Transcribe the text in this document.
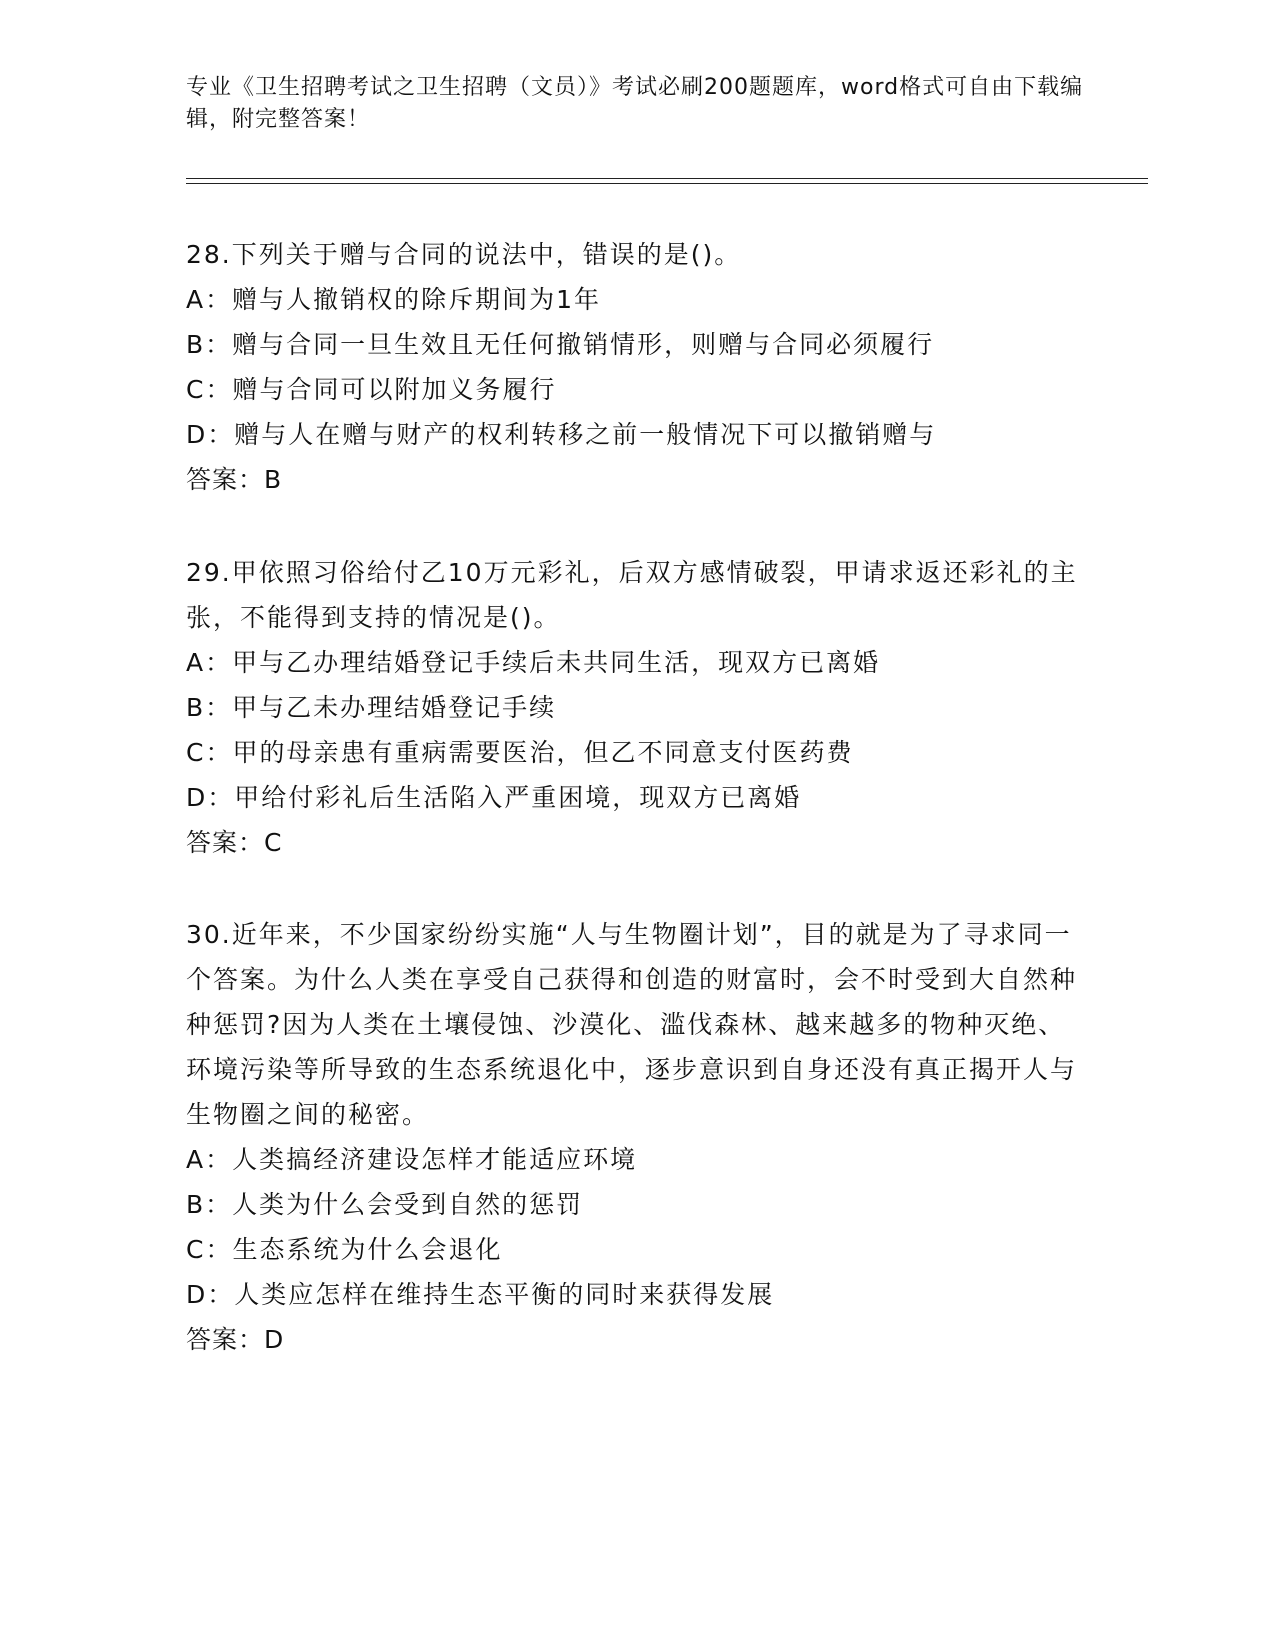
专业《卫生招聘考试之卫生招聘（文员）》考试必刷200题题库，word格式可自由下载编辑，附完整答案！
28.下列关于赠与合同的说法中，错误的是()。
A：赠与人撤销权的除斥期间为1年
B：赠与合同一旦生效且无任何撤销情形，则赠与合同必须履行
C：赠与合同可以附加义务履行
D：赠与人在赠与财产的权利转移之前一般情况下可以撤销赠与
答案：B
29.甲依照习俗给付乙10万元彩礼，后双方感情破裂，甲请求返还彩礼的主张，不能得到支持的情况是()。
A：甲与乙办理结婚登记手续后未共同生活，现双方已离婚
B：甲与乙未办理结婚登记手续
C：甲的母亲患有重病需要医治，但乙不同意支付医药费
D：甲给付彩礼后生活陷入严重困境，现双方已离婚
答案：C
30.近年来，不少国家纷纷实施“人与生物圈计划”，目的就是为了寻求同一个答案。为什么人类在享受自己获得和创造的财富时，会不时受到大自然种种惩罚?因为人类在土壤侵蚀、沙漠化、滥伐森林、越来越多的物种灭绝、环境污染等所导致的生态系统退化中，逐步意识到自身还没有真正揭开人与生物圈之间的秘密。
A：人类搞经济建设怎样才能适应环境
B：人类为什么会受到自然的惩罚
C：生态系统为什么会退化
D：人类应怎样在维持生态平衡的同时来获得发展
答案：D
